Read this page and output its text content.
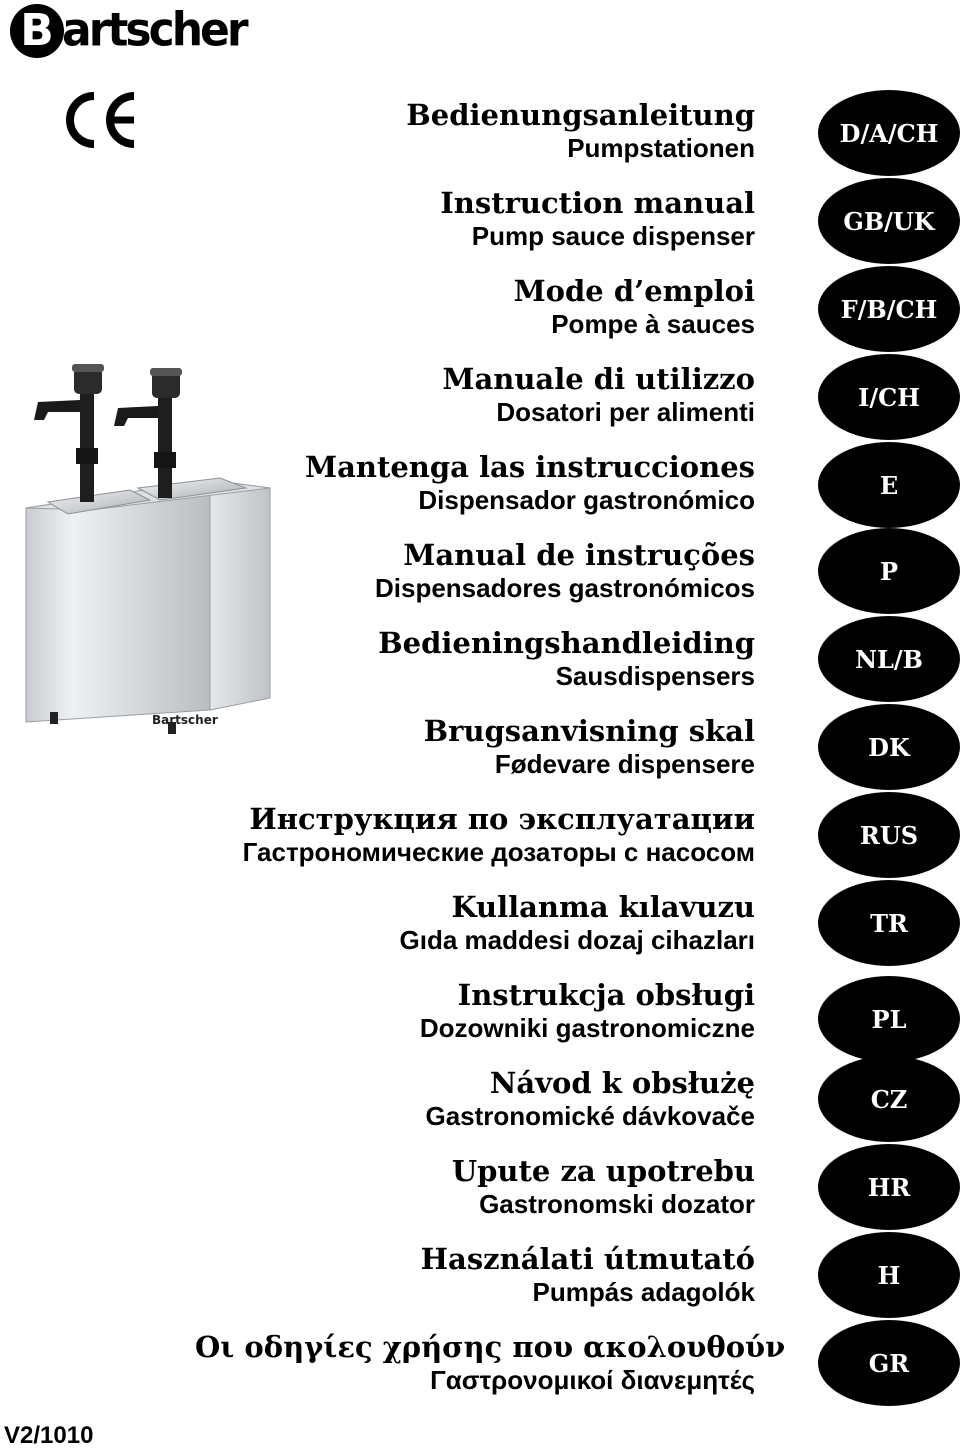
B artscher
Bartscher
Bedienungsanleitung
Pumpstationen
Instruction manual
Pump sauce dispenser
Mode d’emploi
Pompe à sauces
Manuale di utilizzo
Dosatori per alimenti
Mantenga las instrucciones
Dispensador gastronómico
Manual de instruções
Dispensadores gastronómicos
Bedieningshandleiding
Sausdispensers
Brugsanvisning skal
Fødevare dispensere
Инструкция по эксплуатации
Гастрономические дозаторы с насосом
Kullanma kılavuzu
Gıda maddesi dozaj cihazları
Instrukcja obsługi
Dozowniki gastronomiczne
Návod k obsłużę
Gastronomické dávkovače
Upute za upotrebu
Gastronomski dozator
Használati útmutató
Pumpás adagolók
Οι οδηγίες χρήσης που ακολουθούν
Γαστρονομικοί διανεμητές
D/A/CH
GB/UK
F/B/CH
I/CH
E
P
NL/B
DK
RUS
TR
PL
CZ
HR
H
GR
V2/1010
